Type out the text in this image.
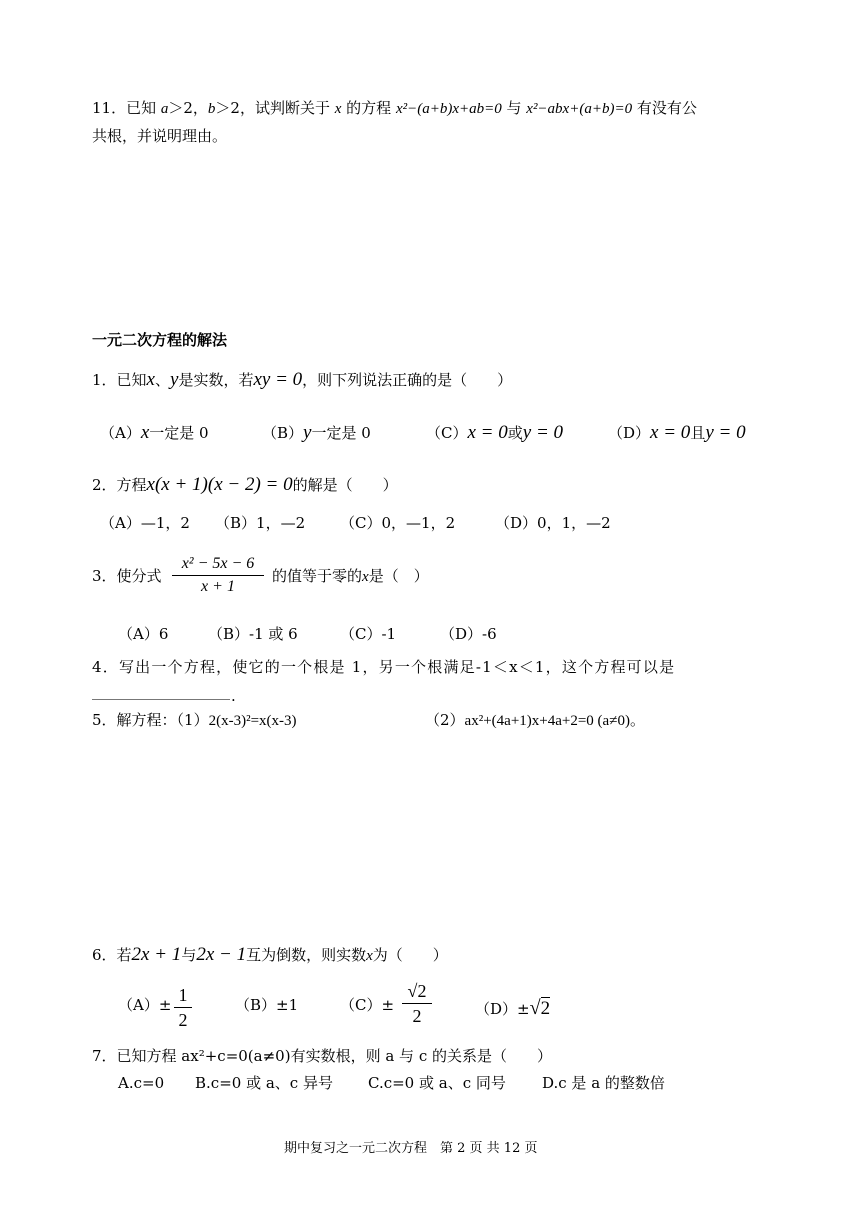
11．已知 a＞2，b＞2，试判断关于 x 的方程 x²−(a+b)x+ab=0 与 x²−abx+(a+b)=0 有没有公
共根，并说明理由。
一元二次方程的解法
1．已知x、y是实数，若xy = 0，则下列说法正确的是（　　）
（A）x一定是 0	（B）y一定是 0	（C）x = 0或y = 0	（D）x = 0且y = 0
2．方程x(x + 1)(x − 2) = 0的解是（　　）
（A）—1，2 （B）1，—2 （C）0，—1，2	（D）0，1，—2
3．使分式
x² − 5x − 6
x + 1
的值等于零的x是（　）
（A）6	（B）-1 或 6	（C）-1	（D）-6
4．写出一个方程，使它的一个根是 1，另一个根满足-1＜x＜1，这个方程可以是
.
5．解方程：（1）2(x-3)²=x(x-3)	（2）ax²+(4a+1)x+4a+2=0 (a≠0)。
6．若2x + 1与2x − 1互为倒数，则实数x为（　　）
（A）± 1
2
（B）±1	（C）±
√2
2	（D）±√2
7．已知方程 ax²+c=0(a≠0)有实数根，则 a 与 c 的关系是（　　）
A.c=0 B.c=0 或 a、c 异号 C.c=0 或 a、c 同号 D.c 是 a 的整数倍
期中复习之一元二次方程　第 2 页 共 12 页
